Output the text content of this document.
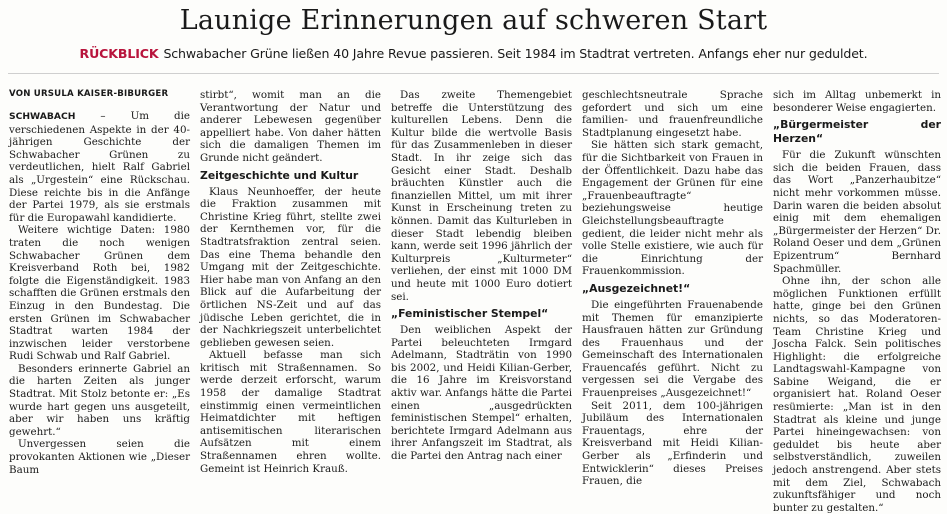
Launige Erinnerungen auf schweren Start
RÜCKBLICK Schwabacher Grüne ließen 40 Jahre Revue passieren. Seit 1984 im Stadtrat vertreten. Anfangs eher nur geduldet.
VON URSULA KAISER-BIBURGER

SCHWABACH – Um die verschiedenen Aspekte in der 40-jährigen Geschichte der Schwabacher Grünen zu verdeutlichen, hielt Ralf Gabriel als „Urgestein“ eine Rückschau. Diese reichte bis in die Anfänge der Partei 1979, als sie erstmals für die Europawahl kandidierte.

Weitere wichtige Daten: 1980 traten die noch wenigen Schwabacher Grünen dem Kreisverband Roth bei, 1982 folgte die Eigenständigkeit. 1983 schafften die Grünen erstmals den Einzug in den Bundestag. Die ersten Grünen im Schwabacher Stadtrat warten 1984 der inzwischen leider verstorbene Rudi Schwab und Ralf Gabriel.

Besonders erinnerte Gabriel an die harten Zeiten als junger Stadtrat. Mit Stolz betonte er: „Es wurde hart gegen uns ausgeteilt, aber wir haben uns kräftig gewehrt.“

Unvergessen seien die provokanten Aktionen wie „Dieser Baum

stirbt“, womit man an die Verantwortung der Natur und anderer Lebewesen gegenüber appelliert habe. Von daher hätten sich die damaligen Themen im Grunde nicht geändert.

Zeitgeschichte und Kultur

Klaus Neunhoeffer, der heute die Fraktion zusammen mit Christine Krieg führt, stellte zwei der Kernthemen vor, für die Stadtratsfraktion zentral seien. Das eine Thema behandle den Umgang mit der Zeitgeschichte. Hier habe man von Anfang an den Blick auf die Aufarbeitung der örtlichen NS-Zeit und auf das jüdische Leben gerichtet, die in der Nachkriegszeit unterbelichtet geblieben gewesen seien.

Aktuell befasse man sich kritisch mit Straßennamen. So werde derzeit erforscht, warum 1958 der damalige Stadtrat einstimmig einen vermeintlichen Heimatdichter mit heftigen antisemitischen literarischen Aufsätzen mit einem Straßennamen ehren wollte. Gemeint ist Heinrich Krauß.

Das zweite Themengebiet betreffe die Unterstützung des kulturellen Lebens. Denn die Kultur bilde die wertvolle Basis für das Zusammenleben in dieser Stadt. In ihr zeige sich das Gesicht einer Stadt. Deshalb bräuchten Künstler auch die finanziellen Mittel, um mit ihrer Kunst in Erscheinung treten zu können. Damit das Kulturleben in dieser Stadt lebendig bleiben kann, werde seit 1996 jährlich der Kulturpreis „Kulturmeter“ verliehen, der einst mit 1000 DM und heute mit 1000 Euro dotiert sei.

„Feministischer Stempel“

Den weiblichen Aspekt der Partei beleuchteten Irmgard Adelmann, Stadträtin von 1990 bis 2002, und Heidi Kilian-Gerber, die 16 Jahre im Kreisvorstand aktiv war. Anfangs hätte die Partei einen „ausgedrückten feministischen Stempel“ erhalten, berichtete Irmgard Adelmann aus ihrer Anfangszeit im Stadtrat, als die Partei den Antrag nach einer

geschlechtsneutrale Sprache gefordert und sich um eine familien- und frauenfreundliche Stadtplanung eingesetzt habe.

Sie hätten sich stark gemacht, für die Sichtbarkeit von Frauen in der Öffentlichkeit. Dazu habe das Engagement der Grünen für eine „Frauenbeauftragte“ beziehungsweise heutige Gleichstellungsbeauftragte gedient, die leider nicht mehr als volle Stelle existiere, wie auch für die Einrichtung der Frauenkommission.

„Ausgezeichnet!“

Die eingeführten Frauenabende mit Themen für emanzipierte Hausfrauen hätten zur Gründung des Frauenhaus und der Gemeinschaft des Internationalen Frauencafés geführt. Nicht zu vergessen sei die Vergabe des Frauenpreises „Ausgezeichnet!“

Seit 2011, dem 100-jährigen Jubiläum des Internationalen Frauentags, ehre der Kreisverband mit Heidi Kilian-Gerber als „Erfinderin und Entwicklerin“ dieses Preises Frauen, die

sich im Alltag unbemerkt in besonderer Weise engagierten.

„Bürgermeister der Herzen“

Für die Zukunft wünschten sich die beiden Frauen, dass das Wort „Panzerhaubitze“ nicht mehr vorkommen müsse. Darin waren die beiden absolut einig mit dem ehemaligen „Bürgermeister der Herzen“ Dr. Roland Oeser und dem „Grünen Epizentrum“ Bernhard Spachmüller.

Ohne ihn, der schon alle möglichen Funktionen erfüllt hatte, ginge bei den Grünen nichts, so das Moderatoren-Team Christine Krieg und Joscha Falck. Sein politisches Highlight: die erfolgreiche Landtagswahl-Kampagne von Sabine Weigand, die er organisiert hat. Roland Oeser resümierte: „Man ist in den Stadtrat als kleine und junge Partei hineingewachsen: von geduldet bis heute aber selbstverständlich, zuweilen jedoch anstrengend. Aber stets mit dem Ziel, Schwabach zukunftsfähiger und noch bunter zu gestalten.“
